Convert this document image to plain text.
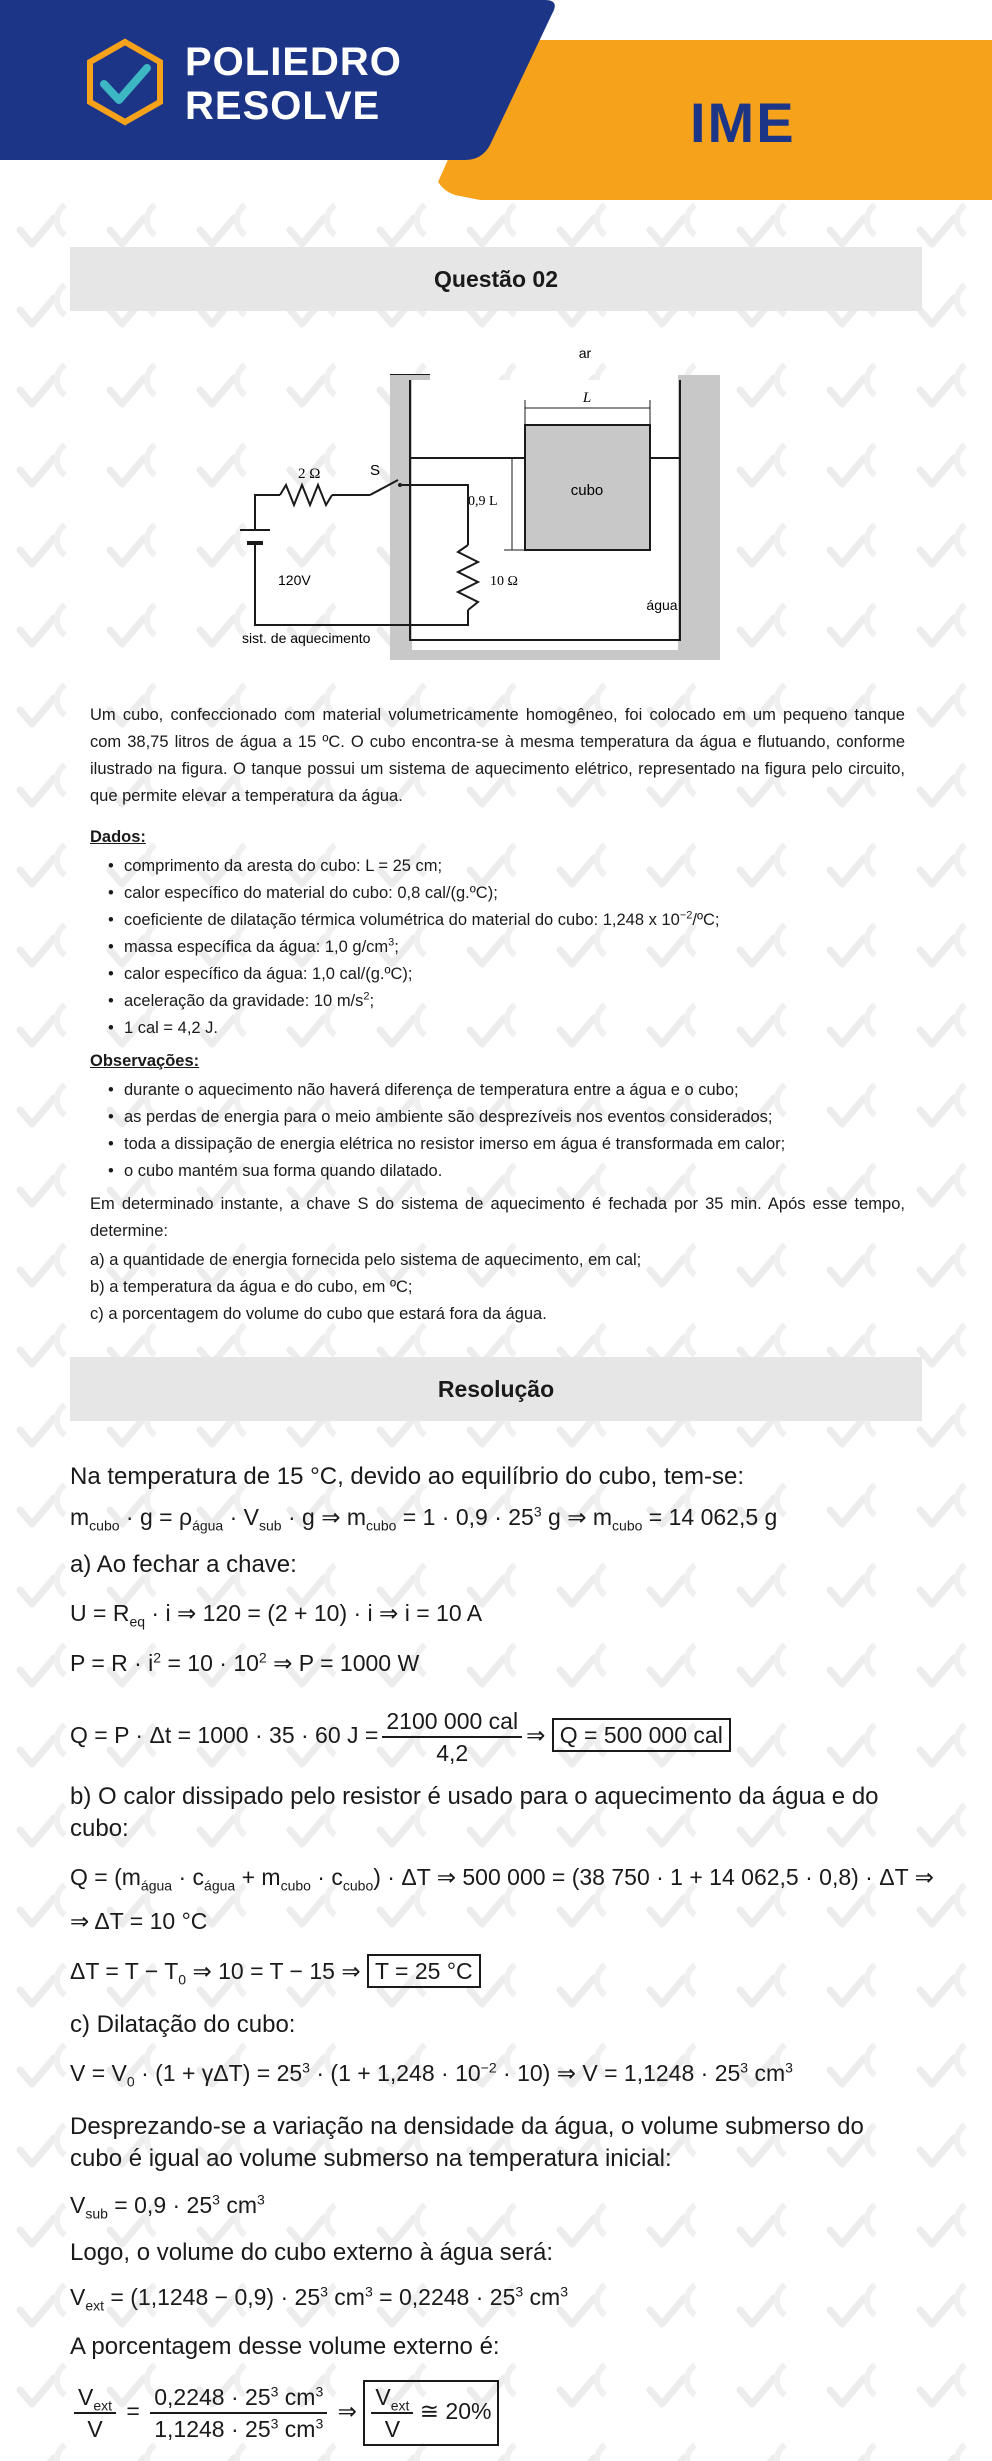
POLIEDRO
RESOLVE	IME
Questão 02
cubo
L
0,9 L
ar
água
2 Ω	S
120V	10 Ω
sist. de aquecimento

Um cubo, confeccionado com material volumetricamente homogêneo, foi colocado em um pequeno tanque com 38,75 litros de água a 15 ºC. O cubo encontra-se à mesma temperatura da água e flutuando, conforme ilustrado na figura. O tanque possui um sistema de aquecimento elétrico, representado na figura pelo circuito, que permite elevar a temperatura da água.

Dados:
• comprimento da aresta do cubo: L = 25 cm;
• calor específico do material do cubo: 0,8 cal/(g.ºC);
• coeficiente de dilatação térmica volumétrica do material do cubo: 1,248 x $10^{-2}/ºC$;
• massa específica da água: 1,0 $g/cm^3$;
• calor específico da água: 1,0 cal/(g.ºC);
• aceleração da gravidade: 10 $m/s^2$;
• 1 cal = 4,2 J.
Observações:
• durante o aquecimento não haverá diferença de temperatura entre a água e o cubo;
• as perdas de energia para o meio ambiente são desprezíveis nos eventos considerados;
• toda a dissipação de energia elétrica no resistor imerso em água é transformada em calor;
• o cubo mantém sua forma quando dilatado.

Em determinado instante, a chave S do sistema de aquecimento é fechada por 35 min. Após esse tempo, determine:

a) a quantidade de energia fornecida pelo sistema de aquecimento, em cal;
b) a temperatura da água e do cubo, em ºC;
c) a porcentagem do volume do cubo que estará fora da água.
Resolução
Na temperatura de 15 °C, devido ao equilíbrio do cubo, tem-se:
$m_{cubo} \cdot g = \rho_{água} \cdot V_{sub} \cdot g$ ⇒ $m_{cubo} = 1 \cdot 0,9 \cdot 25^3$ g ⇒ $m_{cubo} = 14$ 062,5 g
a) Ao fechar a chave:
$U = R_{eq} \cdot i$ ⇒ 120 = (2 + 10) · i ⇒ i = 10 A
$P = R \cdot i^2 = 10 \cdot 10^2$ ⇒ P = 1000 W
Q = P · Δt = 1000 · 35 · 60 $J = \frac{\text{2100 000 cal}}{4,2}$ ⇒ Q = 500 000 cal
b) O calor dissipado pelo resistor é usado para o aquecimento da água e do
cubo:
$Q = (m_{água} \cdot c_{água} + m_{cubo} \cdot c_{cubo}) \cdot \Delta T$ ⇒ 500 000 = (38 750 · 1 + 14 062,5 · 0,8) · ΔT ⇒
⇒ ΔT = 10 °C
$\Delta T = T - T_0$ ⇒ 10 = T − 15 ⇒ T = 25 °C
c) Dilatação do cubo:
$V = V_0 \cdot (1 + \gamma\Delta T) = 25^3 \cdot (1 + 1,248 \cdot 10^{-2} \cdot 10)$ ⇒ $V = 1,1248 \cdot 25^3$ $cm^3$
Desprezando-se a variação na densidade da água, o volume submerso do
cubo é igual ao volume submerso na temperatura inicial:
$V_{sub} = 0,9 \cdot 25^3$ $cm^3$
Logo, o volume do cubo externo à água será:
$V_{ext} = (1,1248 - 0,9) \cdot 25^3$ $cm^3 = 0,2248 \cdot 25^3$ $cm^3$
A porcentagem desse volume externo é:
$\frac{V_{ext}}{V} = \frac{0,2248 \cdot 25^3 cm^3}{1,1248 \cdot 25^3 cm^3}$ ⇒ $\frac{V_{ext}}{V}$ ≅ 20%
